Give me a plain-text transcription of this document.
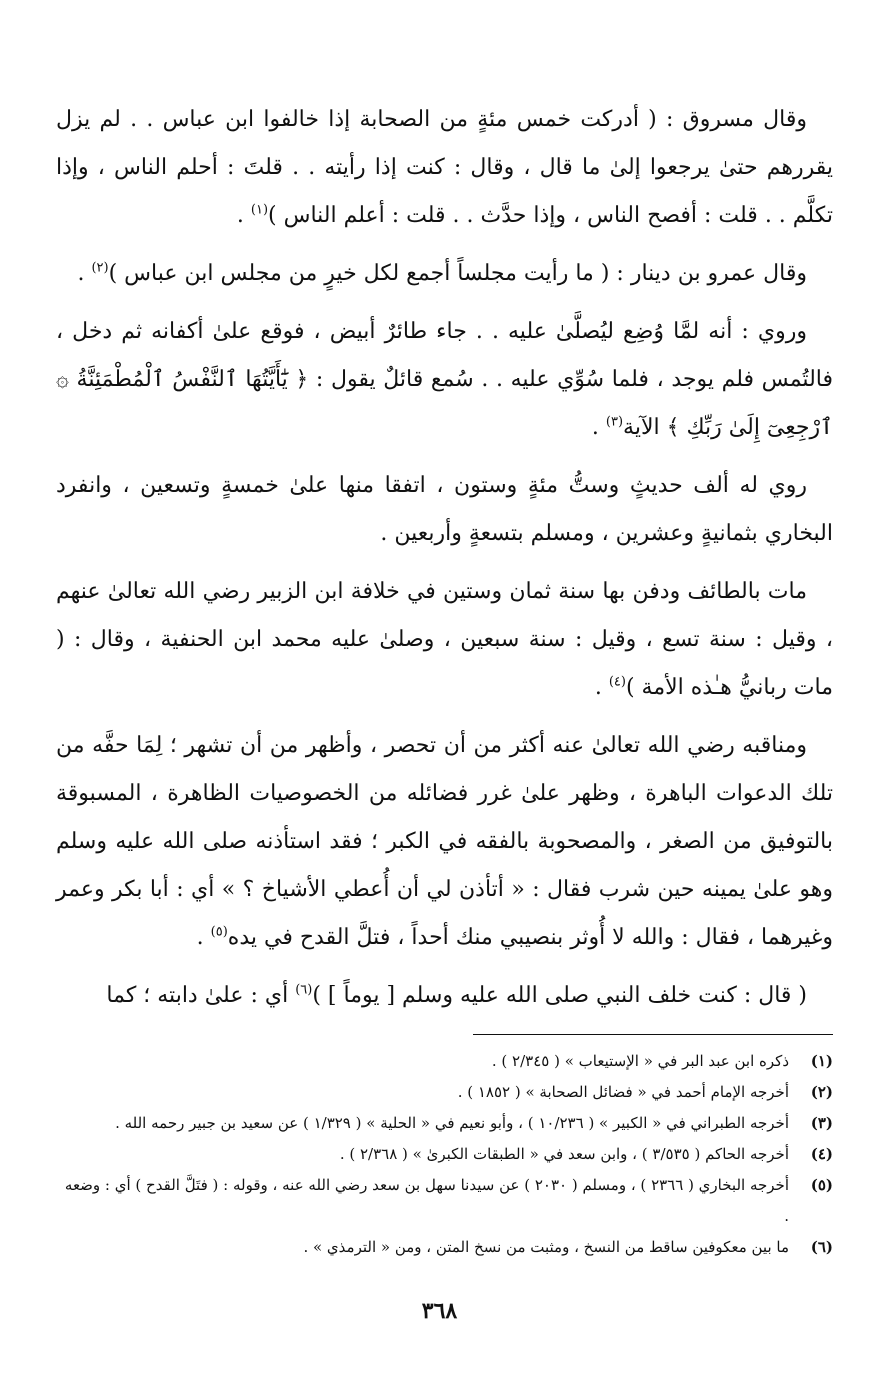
وقال مسروق : ( أدركت خمس مئةٍ من الصحابة إذا خالفوا ابن عباس . . لم يزل يقررهم حتىٰ يرجعوا إلىٰ ما قال ، وقال : كنت إذا رأيته . . قلتَ : أحلم الناس ، وإذا تكلَّم . . قلت : أفصح الناس ، وإذا حدَّث . . قلت : أعلم الناس )$^{(١)}$ .

وقال عمرو بن دينار : ( ما رأيت مجلساً أجمع لكل خيرٍ من مجلس ابن عباس )$^{(٢)}$ .

وروي : أنه لمَّا وُضِع ليُصلَّىٰ عليه . . جاء طائرٌ أبيض ، فوقع علىٰ أكفانه ثم دخل ، فالتُمس فلم يوجد ، فلما سُوِّي عليه . . سُمع قائلٌ يقول : ﴿ يَٰٓأَيَّتُهَا ٱلنَّفْسُ ٱلْمُطْمَئِنَّةُ ۞ ٱرْجِعِىٓ إِلَىٰ رَبِّكِ ﴾ الآية$^{(٣)}$ .

روي له ألف حديثٍ وستُّ مئةٍ وستون ، اتفقا منها علىٰ خمسةٍ وتسعين ، وانفرد البخاري بثمانيةٍ وعشرين ، ومسلم بتسعةٍ وأربعين .

مات بالطائف ودفن بها سنة ثمان وستين في خلافة ابن الزبير رضي الله تعالىٰ عنهم ، وقيل : سنة تسع ، وقيل : سنة سبعين ، وصلىٰ عليه محمد ابن الحنفية ، وقال : ( مات ربانيُّ هـٰذه الأمة )$^{(٤)}$ .

ومناقبه رضي الله تعالىٰ عنه أكثر من أن تحصر ، وأظهر من أن تشهر ؛ لِمَا حفَّه من تلك الدعوات الباهرة ، وظهر علىٰ غرر فضائله من الخصوصيات الظاهرة ، المسبوقة بالتوفيق من الصغر ، والمصحوبة بالفقه في الكبر ؛ فقد استأذنه صلى الله عليه وسلم وهو علىٰ يمينه حين شرب فقال : « أتأذن لي أن أُعطي الأشياخ ؟ » أي : أبا بكر وعمر وغيرهما ، فقال : والله لا أُوثر بنصيبي منك أحداً ، فتلَّ القدح في يده$^{(٥)}$ .

( قال : كنت خلف النبي صلى الله عليه وسلم [ يوماً ] )$^{(٦)}$ أي : علىٰ دابته ؛ كما

(١)
ذكره ابن عبد البر في « الإستيعاب » ( ٢/٣٤٥ ) .
(٢)
أخرجه الإمام أحمد في « فضائل الصحابة » ( ١٨٥٢ ) .
(٣)
أخرجه الطبراني في « الكبير » ( ١٠/٢٣٦ ) ، وأبو نعيم في « الحلية » ( ١/٣٢٩ ) عن سعيد بن جبير رحمه الله .
(٤)
أخرجه الحاكم ( ٣/٥٣٥ ) ، وابن سعد في « الطبقات الكبرىٰ » ( ٢/٣٦٨ ) .
(٥)
أخرجه البخاري ( ٢٣٦٦ ) ، ومسلم ( ٢٠٣٠ ) عن سيدنا سهل بن سعد رضي الله عنه ، وقوله : ( فتَلَّ القدح ) أي : وضعه .
(٦)
ما بين معكوفين ساقط من النسخ ، ومثبت من نسخ المتن ، ومن « الترمذي » .
٣٦٨
